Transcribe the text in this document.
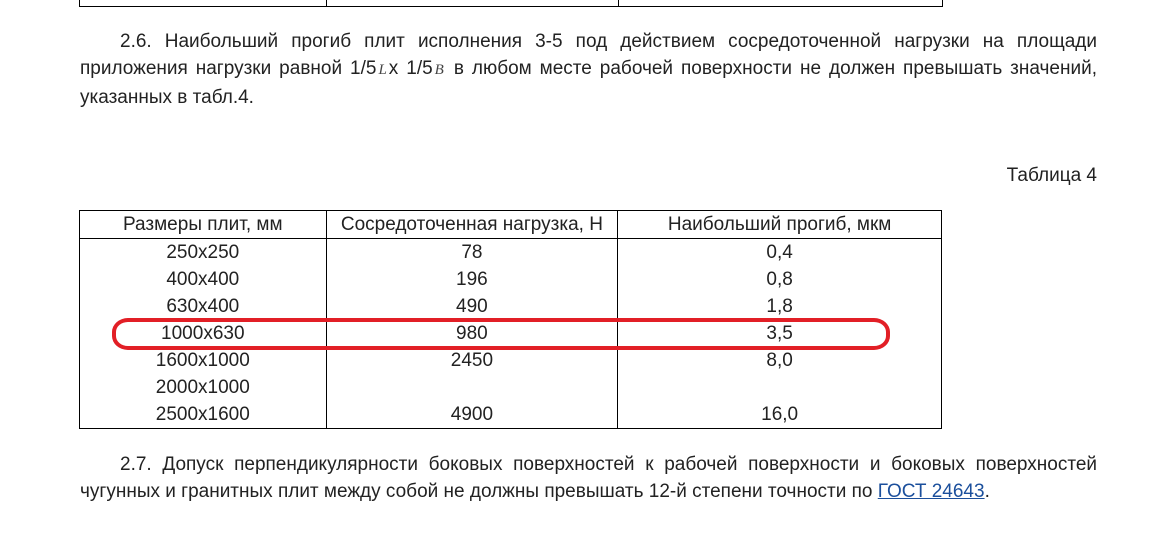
2.6. Наибольший прогиб плит исполнения 3-5 под действием сосредоточенной нагрузки на площади приложения нагрузки равной 1/5 L x 1/5 B в любом месте рабочей поверхности не должен превышать значений, указанных в табл.4.
Таблица 4
Размеры плит, мм	Сосредоточенная нагрузка, Н	Наибольший прогиб, мкм
250x250	78	0,4
400x400	196	0,8
630x400	490	1,8
1000x630	980	3,5
1600x1000	2450	8,0
2000x1000		
2500x1600	4900	16,0
2.7. Допуск перпендикулярности боковых поверхностей к рабочей поверхности и боковых поверхностей чугунных и гранитных плит между собой не должны превышать 12-й степени точности по ГОСТ 24643.
